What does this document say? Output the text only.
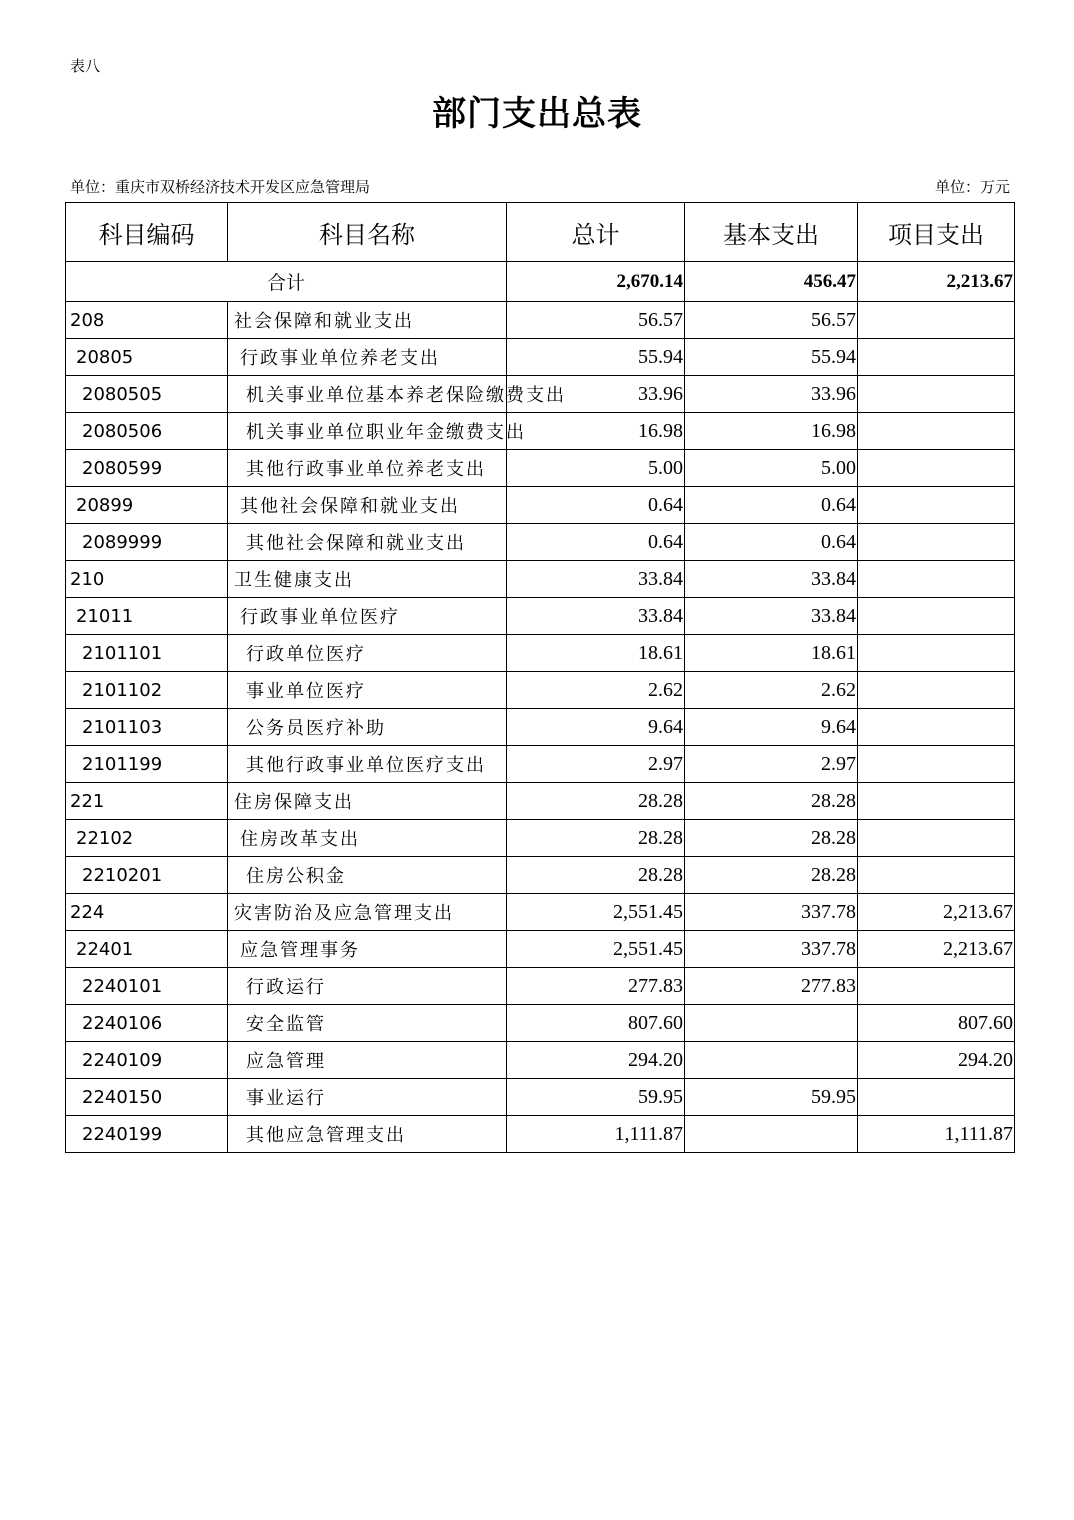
表八
部门支出总表
单位：重庆市双桥经济技术开发区应急管理局	单位：万元
科目编码	科目名称	总计	基本支出	项目支出
合计		2,670.14	456.47	2,213.67
208	社会保障和就业支出	56.57	56.57	
20805	行政事业单位养老支出	55.94	55.94	
2080505	机关事业单位基本养老保险缴费支出	33.96	33.96	
2080506	机关事业单位职业年金缴费支出	16.98	16.98	
2080599	其他行政事业单位养老支出	5.00	5.00	
20899	其他社会保障和就业支出	0.64	0.64	
2089999	其他社会保障和就业支出	0.64	0.64	
210	卫生健康支出	33.84	33.84	
21011	行政事业单位医疗	33.84	33.84	
2101101	行政单位医疗	18.61	18.61	
2101102	事业单位医疗	2.62	2.62	
2101103	公务员医疗补助	9.64	9.64	
2101199	其他行政事业单位医疗支出	2.97	2.97	
221	住房保障支出	28.28	28.28	
22102	住房改革支出	28.28	28.28	
2210201	住房公积金	28.28	28.28	
224	灾害防治及应急管理支出	2,551.45	337.78	2,213.67
22401	应急管理事务	2,551.45	337.78	2,213.67
2240101	行政运行	277.83	277.83	
2240106	安全监管	807.60		807.60
2240109	应急管理	294.20		294.20
2240150	事业运行	59.95	59.95	
2240199	其他应急管理支出	1,111.87		1,111.87
